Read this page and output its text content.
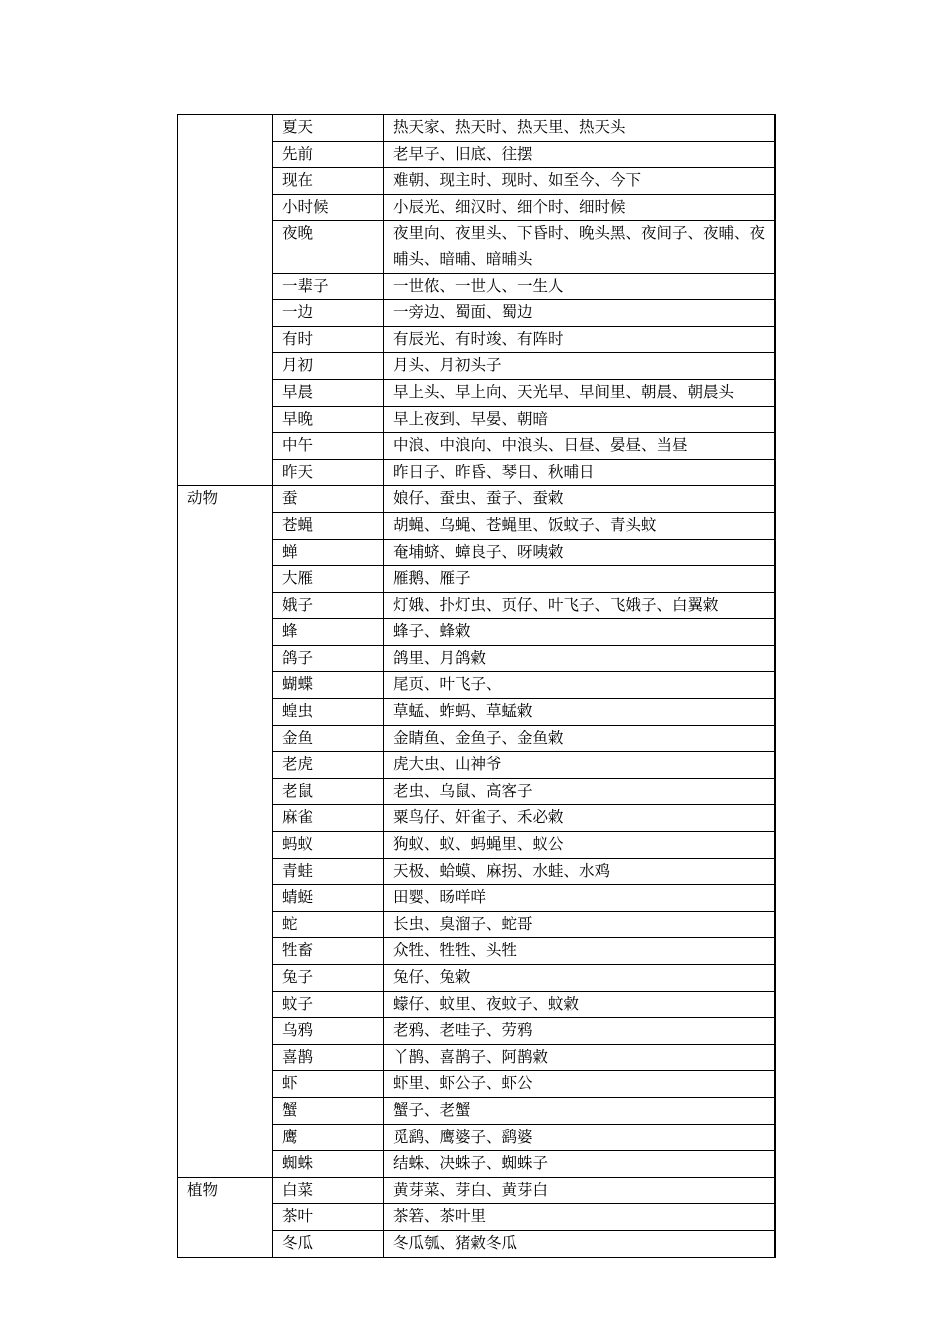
	夏天	热天家、热天时、热天里、热天头
	先前	老早子、旧底、往摆
	现在	难朝、现主时、现时、如至今、今下
	小时候	小辰光、细汉时、细个时、细时候
	夜晚	夜里向、夜里头、下昏时、晚头黑、夜间子、夜晡、夜晡头、暗晡、暗晡头
	一辈子	一世侬、一世人、一生人
	一边	一旁边、蜀面、蜀边
	有时	有辰光、有时竣、有阵时
	月初	月头、月初头子
	早晨	早上头、早上向、天光早、早间里、朝晨、朝晨头
	早晚	早上夜到、早晏、朝暗
	中午	中浪、中浪向、中浪头、日昼、晏昼、当昼
	昨天	昨日子、昨昏、琴日、秋晡日
动物	蚕	娘仔、蚕虫、蚕子、蚕敹
	苍蝇	胡蝇、乌蝇、苍蝇里、饭蚊子、青头蚊
	蝉	奄埔蛴、蟑良子、呀咦敹
	大雁	雁鹅、雁子
	娥子	灯娥、扑灯虫、页仔、叶飞子、飞娥子、白翼敹
	蜂	蜂子、蜂敹
	鸽子	鸽里、月鸽敹
	蝴蝶	尾页、叶飞子、
	蝗虫	草蜢、蚱蚂、草蜢敹
	金鱼	金睛鱼、金鱼子、金鱼敹
	老虎	虎大虫、山神爷
	老鼠	老虫、乌鼠、高客子
	麻雀	粟鸟仔、奸雀子、禾必敹
	蚂蚁	狗蚁、蚁、蚂蝇里、蚁公
	青蛙	天极、蛤蟆、麻拐、水蛙、水鸡
	蜻蜓	田婴、旸咩咩
	蛇	长虫、臭溜子、蛇哥
	牲畜	众牲、牲牲、头牲
	兔子	兔仔、兔敹
	蚊子	蠓仔、蚊里、夜蚊子、蚊敹
	乌鸦	老鸦、老哇子、劳鸦
	喜鹊	丫鹊、喜鹊子、阿鹊敹
	虾	虾里、虾公子、虾公
	蟹	蟹子、老蟹
	鹰	觅鹞、鹰婆子、鹞婆
	蜘蛛	结蛛、决蛛子、蜘蛛子
植物	白菜	黄芽菜、芽白、黄芽白
	茶叶	茶箬、茶叶里
	冬瓜	冬瓜瓠、猪敹冬瓜
